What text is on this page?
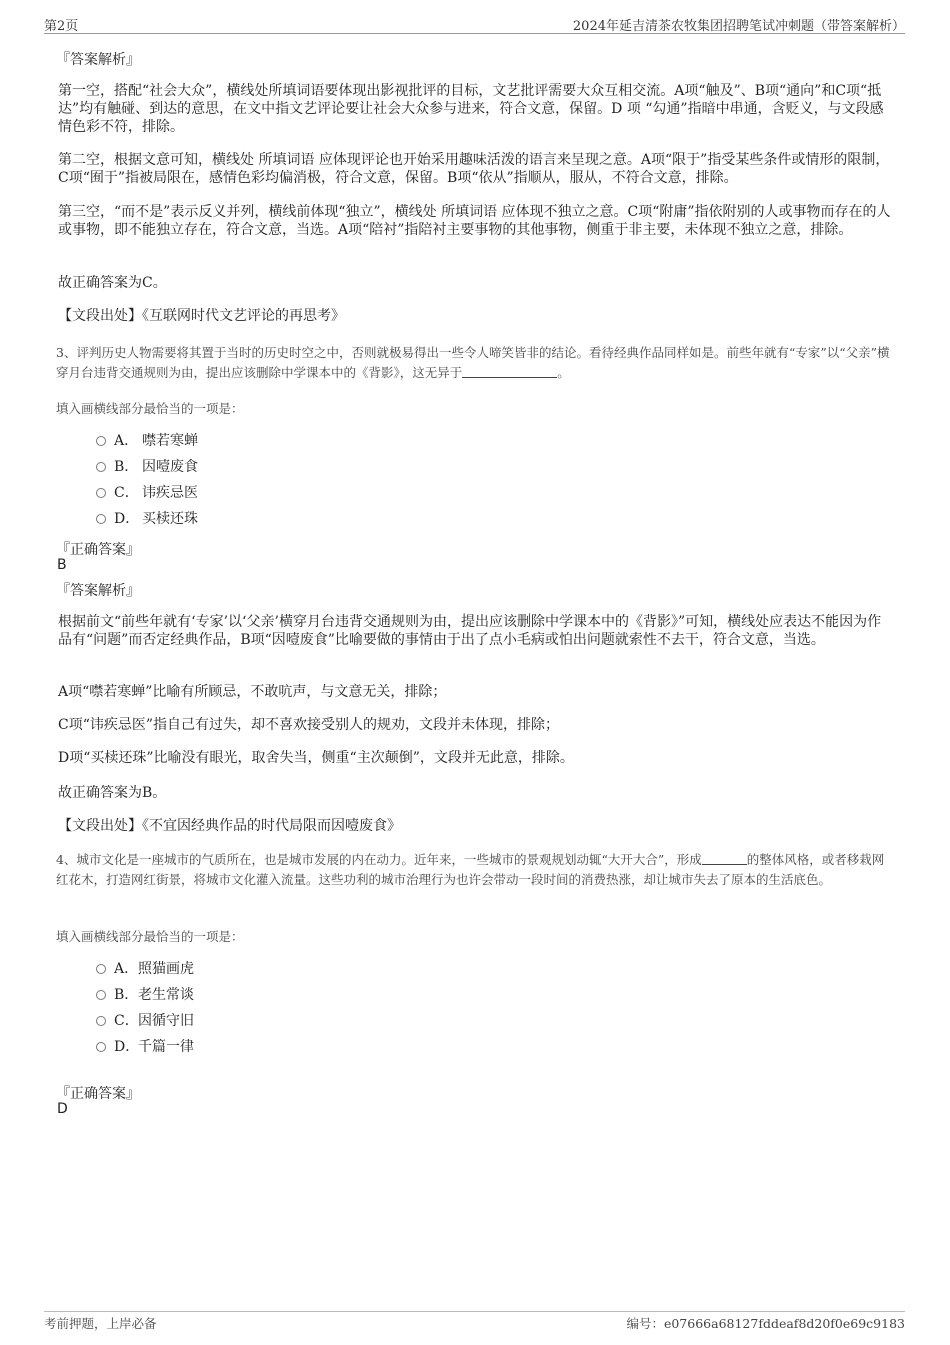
第2页	2024年延吉清茶农牧集团招聘笔试冲刺题（带答案解析）
『答案解析』
第一空，搭配“社会大众”，横线处所填词语要体现出影视批评的目标，文艺批评需要大众互相交流。A项“触及”、B项“通向”和C项“抵达”均有触碰、到达的意思，在文中指文艺评论要让社会大众参与进来，符合文意，保留。D 项 “勾通”指暗中串通，含贬义，与文段感情色彩不符，排除。
第二空，根据文意可知，横线处 所填词语 应体现评论也开始采用趣味活泼的语言来呈现之意。A项“限于”指受某些条件或情形的限制，C项“囿于”指被局限在，感情色彩均偏消极，符合文意，保留。B项“依从”指顺从，服从，不符合文意，排除。
第三空，“而不是”表示反义并列，横线前体现“独立”，横线处 所填词语 应体现不独立之意。C项“附庸”指依附别的人或事物而存在的人或事物，即不能独立存在，符合文意，当选。A项“陪衬”指陪衬主要事物的其他事物，侧重于非主要，未体现不独立之意，排除。
故正确答案为C。
【文段出处】《互联网时代文艺评论的再思考》
3、评判历史人物需要将其置于当时的历史时空之中，否则就极易得出一些令人啼笑皆非的结论。看待经典作品同样如是。前些年就有“专家”以“父亲”横穿月台违背交通规则为由，提出应该删除中学课本中的《背影》，这无异于	。
填入画横线部分最恰当的一项是：
A． 噤若寒蝉
B． 因噎废食
C． 讳疾忌医
D． 买椟还珠
『正确答案』
B
『答案解析』
根据前文“前些年就有‘专家’以‘父亲’横穿月台违背交通规则为由，提出应该删除中学课本中的《背影》”可知，横线处应表达不能因为作品有“问题”而否定经典作品，B项“因噎废食”比喻要做的事情由于出了点小毛病或怕出问题就索性不去干，符合文意，当选。
A项“噤若寒蝉”比喻有所顾忌，不敢吭声，与文意无关，排除；
C项“讳疾忌医”指自己有过失，却不喜欢接受别人的规劝，文段并未体现，排除；
D项“买椟还珠”比喻没有眼光，取舍失当，侧重“主次颠倒”，文段并无此意，排除。
故正确答案为B。
【文段出处】《不宜因经典作品的时代局限而因噎废食》
4、城市文化是一座城市的气质所在，也是城市发展的内在动力。近年来，一些城市的景观规划动辄“大开大合”，形成	的整体风格，或者移栽网红花木，打造网红街景，将城市文化灌入流量。这些功利的城市治理行为也许会带动一段时间的消费热涨，却让城市失去了原本的生活底色。
填入画横线部分最恰当的一项是：
A．照猫画虎
B．老生常谈
C．因循守旧
D．千篇一律
『正确答案』
D
考前押题，上岸必备	编号：e07666a68127fddeaf8d20f0e69c9183
